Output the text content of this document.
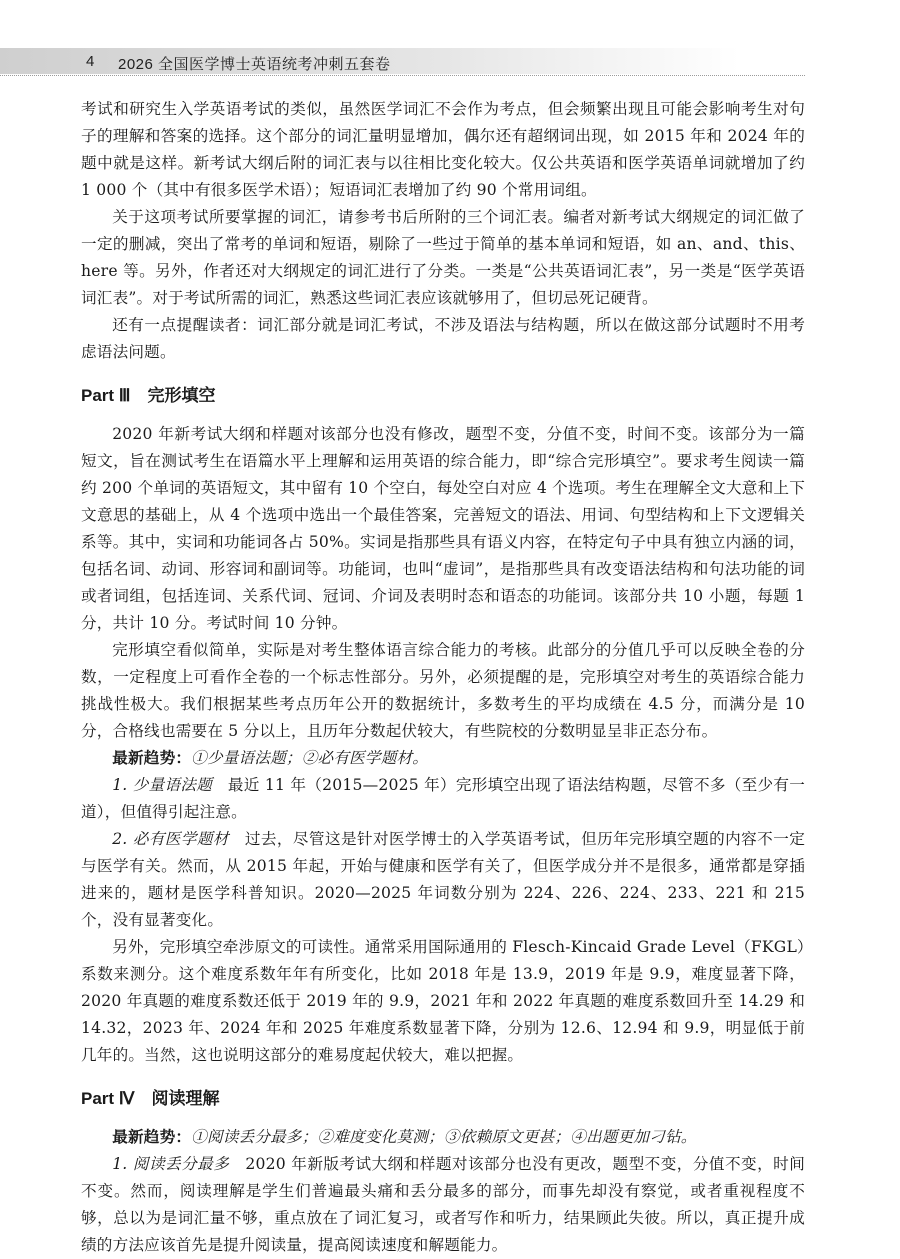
4 2026 全国医学博士英语统考冲刺五套卷

考试和研究生入学英语考试的类似，虽然医学词汇不会作为考点，但会频繁出现且可能会影响考生对句子的理解和答案的选择。这个部分的词汇量明显增加，偶尔还有超纲词出现，如 2015 年和 2024 年的题中就是这样。新考试大纲后附的词汇表与以往相比变化较大。仅公共英语和医学英语单词就增加了约 1 000 个（其中有很多医学术语）；短语词汇表增加了约 90 个常用词组。

关于这项考试所要掌握的词汇，请参考书后所附的三个词汇表。编者对新考试大纲规定的词汇做了一定的删减，突出了常考的单词和短语，剔除了一些过于简单的基本单词和短语，如 an、and、this、here 等。另外，作者还对大纲规定的词汇进行了分类。一类是“公共英语词汇表”，另一类是“医学英语词汇表”。对于考试所需的词汇，熟悉这些词汇表应该就够用了，但切忌死记硬背。

还有一点提醒读者：词汇部分就是词汇考试，不涉及语法与结构题，所以在做这部分试题时不用考虑语法问题。

Part Ⅲ　完形填空

2020 年新考试大纲和样题对该部分也没有修改，题型不变，分值不变，时间不变。该部分为一篇短文，旨在测试考生在语篇水平上理解和运用英语的综合能力，即“综合完形填空”。要求考生阅读一篇约 200 个单词的英语短文，其中留有 10 个空白，每处空白对应 4 个选项。考生在理解全文大意和上下文意思的基础上，从 4 个选项中选出一个最佳答案，完善短文的语法、用词、句型结构和上下文逻辑关系等。其中，实词和功能词各占 50%。实词是指那些具有语义内容，在特定句子中具有独立内涵的词，包括名词、动词、形容词和副词等。功能词，也叫“虚词”，是指那些具有改变语法结构和句法功能的词或者词组，包括连词、关系代词、冠词、介词及表明时态和语态的功能词。该部分共 10 小题，每题 1 分，共计 10 分。考试时间 10 分钟。

完形填空看似简单，实际是对考生整体语言综合能力的考核。此部分的分值几乎可以反映全卷的分数，一定程度上可看作全卷的一个标志性部分。另外，必须提醒的是，完形填空对考生的英语综合能力挑战性极大。我们根据某些考点历年公开的数据统计，多数考生的平均成绩在 4.5 分，而满分是 10 分，合格线也需要在 5 分以上，且历年分数起伏较大，有些院校的分数明显呈非正态分布。

最新趋势：①少量语法题；②必有医学题材。

1. 少量语法题　最近 11 年（2015—2025 年）完形填空出现了语法结构题，尽管不多（至少有一道），但值得引起注意。

2. 必有医学题材　过去，尽管这是针对医学博士的入学英语考试，但历年完形填空题的内容不一定与医学有关。然而，从 2015 年起，开始与健康和医学有关了，但医学成分并不是很多，通常都是穿插进来的，题材是医学科普知识。2020—2025 年词数分别为 224、226、224、233、221 和 215 个，没有显著变化。

另外，完形填空牵涉原文的可读性。通常采用国际通用的 Flesch-Kincaid Grade Level（FKGL）系数来测分。这个难度系数年年有所变化，比如 2018 年是 13.9，2019 年是 9.9，难度显著下降，2020 年真题的难度系数还低于 2019 年的 9.9，2021 年和 2022 年真题的难度系数回升至 14.29 和 14.32，2023 年、2024 年和 2025 年难度系数显著下降，分别为 12.6、12.94 和 9.9，明显低于前几年的。当然，这也说明这部分的难易度起伏较大，难以把握。

Part Ⅳ　阅读理解

最新趋势：①阅读丢分最多；②难度变化莫测；③依赖原文更甚；④出题更加刁钻。

1. 阅读丢分最多　2020 年新版考试大纲和样题对该部分也没有更改，题型不变，分值不变，时间不变。然而，阅读理解是学生们普遍最头痛和丢分最多的部分，而事先却没有察觉，或者重视程度不够，总以为是词汇量不够，重点放在了词汇复习，或者写作和听力，结果顾此失彼。所以，真正提升成绩的方法应该首先是提升阅读量，提高阅读速度和解题能力。
